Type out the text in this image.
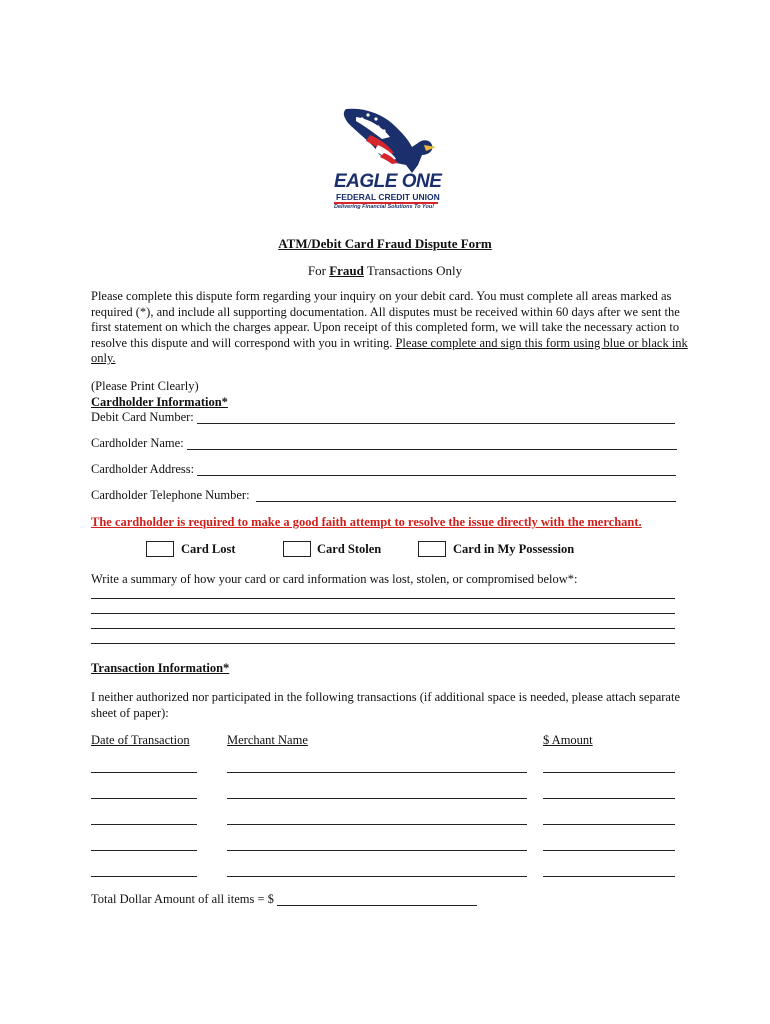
EAGLE ONE
FEDERAL CREDIT UNION
Delivering Financial Solutions To You!
ATM/Debit Card Fraud Dispute Form
For Fraud Transactions Only
Please complete this dispute form regarding your inquiry on your debit card. You must complete all areas marked as required (*), and include all supporting documentation. All disputes must be received within 60 days after we sent the first statement on which the charges appear. Upon receipt of this completed form, we will take the necessary action to resolve this dispute and will correspond with you in writing. Please complete and sign this form using blue or black ink only.
(Please Print Clearly)
Cardholder Information*
Debit Card Number:
Cardholder Name:
Cardholder Address:
Cardholder Telephone Number:
The cardholder is required to make a good faith attempt to resolve the issue directly with the merchant.
Card Lost	Card Stolen	Card in My Possession
Write a summary of how your card or card information was lost, stolen, or compromised below*:
Transaction Information*
I neither authorized nor participated in the following transactions (if additional space is needed, please attach separate sheet of paper):
Date of Transaction	Merchant Name	$ Amount
Total Dollar Amount of all items = $
